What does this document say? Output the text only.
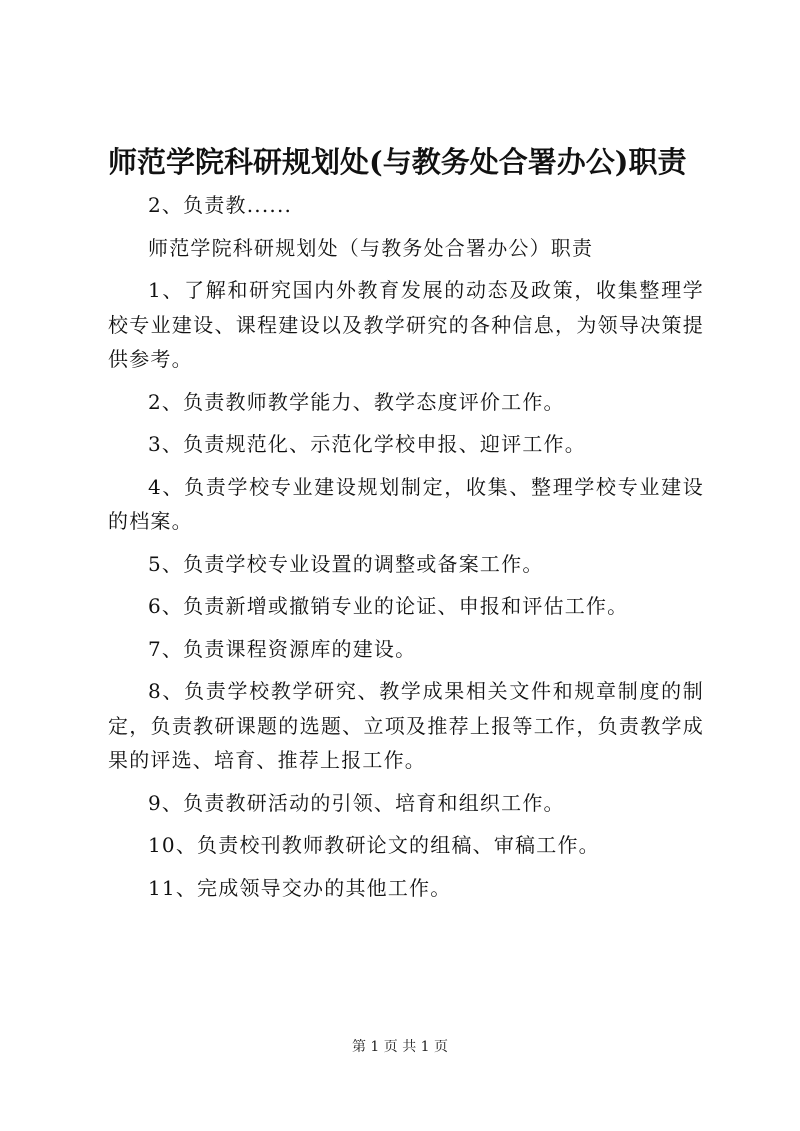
师范学院科研规划处(与教务处合署办公)职责

2、负责教......

师范学院科研规划处（与教务处合署办公）职责

1、了解和研究国内外教育发展的动态及政策，收集整理学校专业建设、课程建设以及教学研究的各种信息，为领导决策提供参考。

2、负责教师教学能力、教学态度评价工作。

3、负责规范化、示范化学校申报、迎评工作。

4、负责学校专业建设规划制定，收集、整理学校专业建设的档案。

5、负责学校专业设置的调整或备案工作。

6、负责新增或撤销专业的论证、申报和评估工作。

7、负责课程资源库的建设。

8、负责学校教学研究、教学成果相关文件和规章制度的制定，负责教研课题的选题、立项及推荐上报等工作，负责教学成果的评选、培育、推荐上报工作。

9、负责教研活动的引领、培育和组织工作。

10、负责校刊教师教研论文的组稿、审稿工作。

11、完成领导交办的其他工作。

第 1 页 共 1 页
